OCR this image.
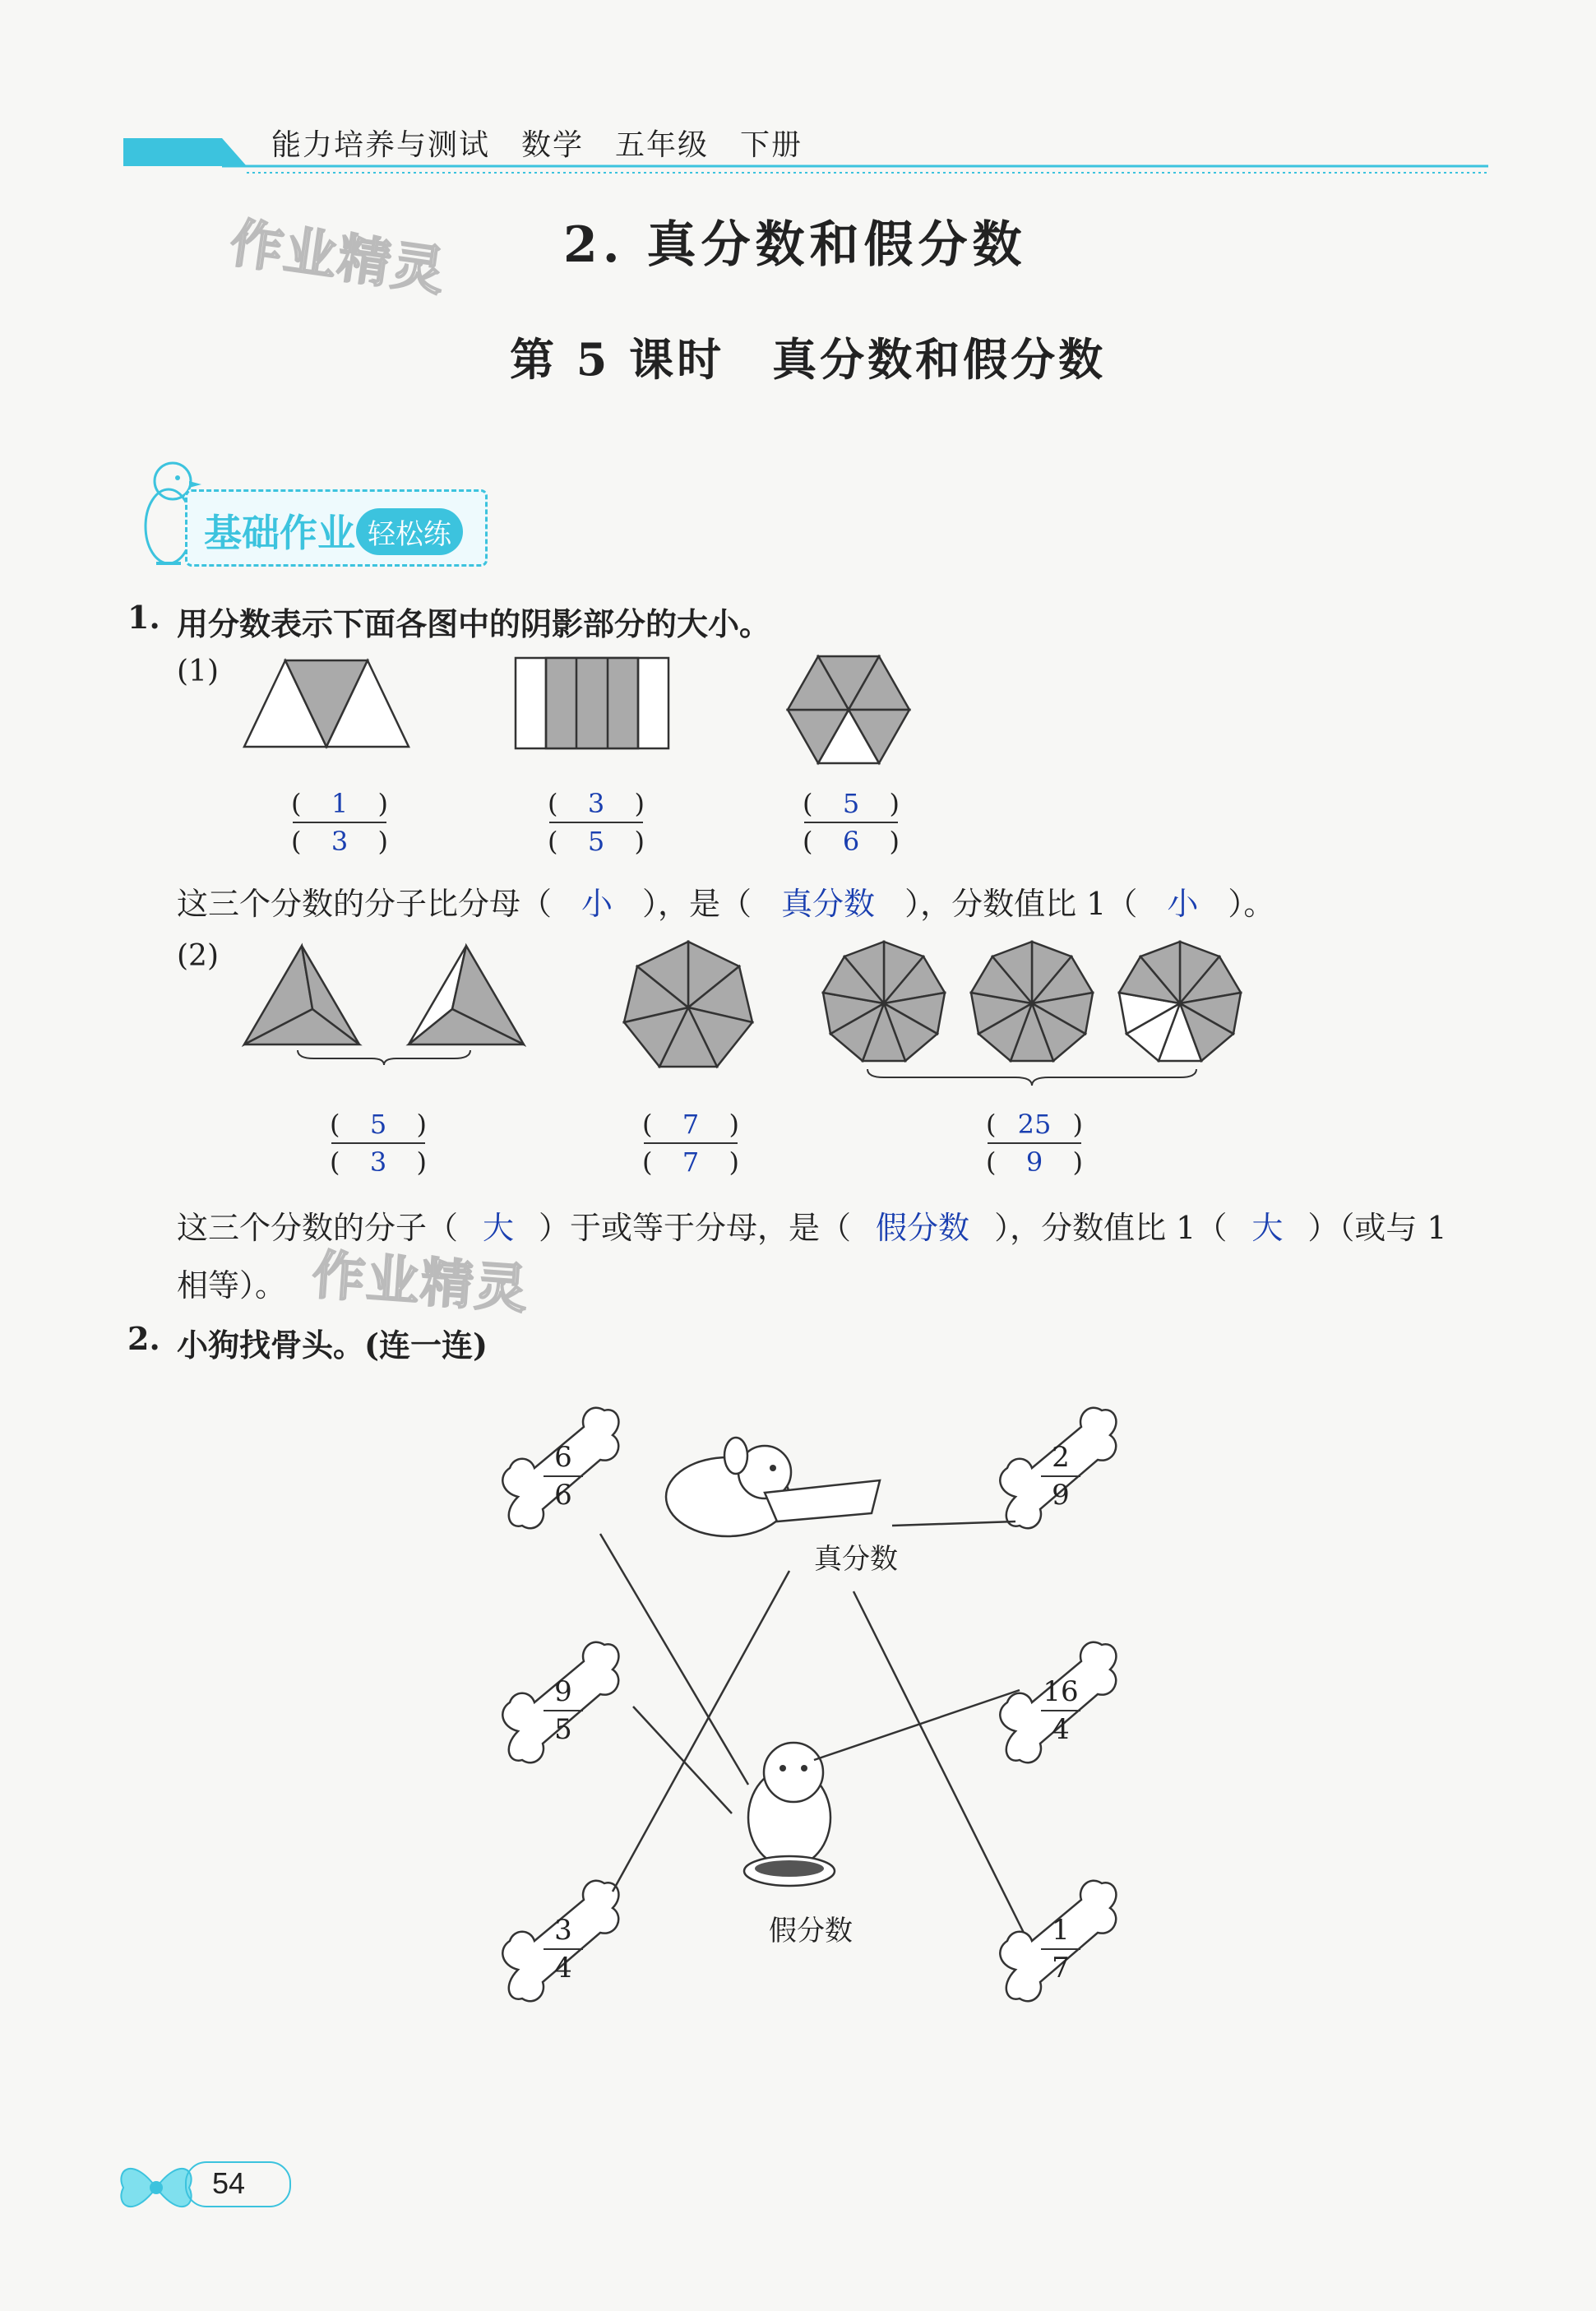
能力培养与测试 数学 五年级 下册
作业精灵
作业精灵
2. 真分数和假分数
第 5 课时　真分数和假分数
基础作业 轻松练
1. 用分数表示下面各图中的阴影部分的大小。
(1)
( 1 )
( 3 )
( 3 )
( 5 )
( 5 )
( 6 )
这三个分数的分子比分母（ 小 ），是（ 真分数 ），分数值比 1（ 小 ）。
(2)
( 5 )
( 3 )
( 7 )
( 7 )
( 25 )
( 9 )
这三个分数的分子（ 大 ）于或等于分母，是（ 假分数 ），分数值比 1（ 大 ）（或与 1
相等）。
2. 小狗找骨头。(连一连)
6
6
2
9
9
5
16
4
3
4
1
7
真分数
假分数
54
